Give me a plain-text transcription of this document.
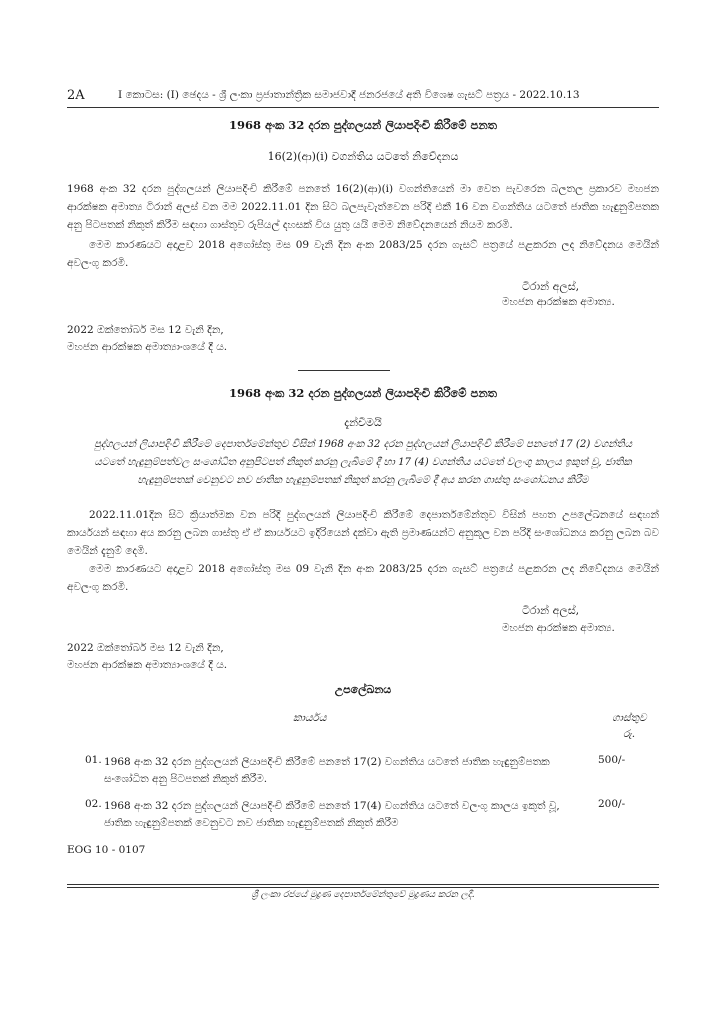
2A	I කොටස: (I) ඡෙදය - ශ්‍රී ලංකා ප්‍රජාතාන්ත්‍රික සමාජවාදී ජනරජයේ අති විශෙෂ ගැසට් පත්‍රය - 2022.10.13
1968 අංක 32 දරන පුද්ගලයන් ලියාපදිංචි කිරීමේ පනත
16(2)(ආ)(i) වගන්තිය යටතේ නිවේදනය
1968 අංක 32 දරන පුද්ගලයන් ලියාපදිංචි කිරීමේ පනතේ 16(2)(ආ)(i) වගන්තියෙන් මා වෙත පැවරෙන බලතල ප්‍රකාරව මහජන ආරක්ෂක අමාත්‍ය ටිරාන් අලස් වන මම 2022.11.01 දින සිට බලපැවැත්වෙන පරිදි එකී 16 වන වගන්තිය යටතේ ජාතික හැඳුනුම්පතක අනු පිටපතක් නිකුත් කිරීම සඳහා ගාස්තුව රුපියල් දහසක් විය යුතු යයි මෙම නිවේදනයෙන් නියම කරමි.
මෙම කාරණයට අදාළව 2018 අගෝස්තු මස 09 වැනි දින අංක 2083/25 දරන ගැසට් පත්‍රයේ පළකරන ලද නිවේදනය මෙයින් අවලංගු කරමි.
ටිරාන් අලස්,
මහජන ආරක්ෂක අමාත්‍ය.
2022 ඔක්තෝබර් මස 12 වැනි දින,
මහජන ආරක්ෂක අමාත්‍යාංශයේ දී ය.
1968 අංක 32 දරන පුද්ගලයන් ලියාපදිංචි කිරීමේ පනත
දැන්වීමයි
පුද්ගලයන් ලියාපදිංචි කිරීමේ දෙපාර්තමේන්තුව විසින් 1968 අංක 32 දරන පුද්ගලයන් ලියාපදිංචි කිරීමේ පනතේ 17 (2) වගන්තිය
යටතේ හැඳුනුම්පත්වල සංශෝධිත අනුපිටපත් නිකුත් කරනු ලැබීමේ දී හා 17 (4) වගන්තිය යටතේ වලංගු කාලය ඉකුත් වූ, ජාතික
හැඳුනුම්පතක් වෙනුවට නව ජාතික හැඳුනුම්පතක් නිකුත් කරනු ලැබීමේ දී අය කරන ගාස්තු සංශෝධනය කිරීම
2022.11.01දින සිට ක්‍රියාත්මක වන පරිදි පුද්ගලයන් ලියාපදිංචි කිරීමේ දෙපාර්තමේන්තුව විසින් පහත උපලේඛනයේ සඳහන් කාර්යයන් සඳහා අය කරනු ලබන ගාස්තු ඒ ඒ කාර්යයට ඉදිරියෙන් දක්වා ඇති ප්‍රමාණයන්ට අනුකූල වන පරිදි සංශෝධනය කරනු ලබන බව මෙයින් දැනුම් දෙමි.
මෙම කාරණයට අදාළව 2018 අගෝස්තු මස 09 වැනි දින අංක 2083/25 දරන ගැසට් පත්‍රයේ පළකරන ලද නිවේදනය මෙයින් අවලංගු කරමි.
ටිරාන් අලස්,
මහජන ආරක්ෂක අමාත්‍ය.
2022 ඔක්තෝබර් මස 12 වැනි දින,
මහජන ආරක්ෂක අමාත්‍යාංශයේ දී ය.
උපලේඛනය
කාර්යය	ගාස්තුව
රු.
01. 1968 අංක 32 දරන පුද්ගලයන් ලියාපදිංචි කිරීමේ පනතේ 17(2) වගන්තිය යටතේ ජාතික හැඳුනුම්පතක
සංශෝධිත අනු පිටපතක් නිකුත් කිරීම.
500/-
02. 1968 අංක 32 දරන පුද්ගලයන් ලියාපදිංචි කිරීමේ පනතේ 17(4) වගන්තිය යටතේ වලංගු කාලය ඉකුත් වූ,
ජාතික හැඳුනුම්පතක් වෙනුවට නව ජාතික හැඳුනුම්පතක් නිකුත් කිරීම
200/-
EOG 10 - 0107
ශ්‍රී ලංකා රජයේ මුද්‍රණ දෙපාර්තමේන්තුවේ මුද්‍රණය කරන ලදී.
